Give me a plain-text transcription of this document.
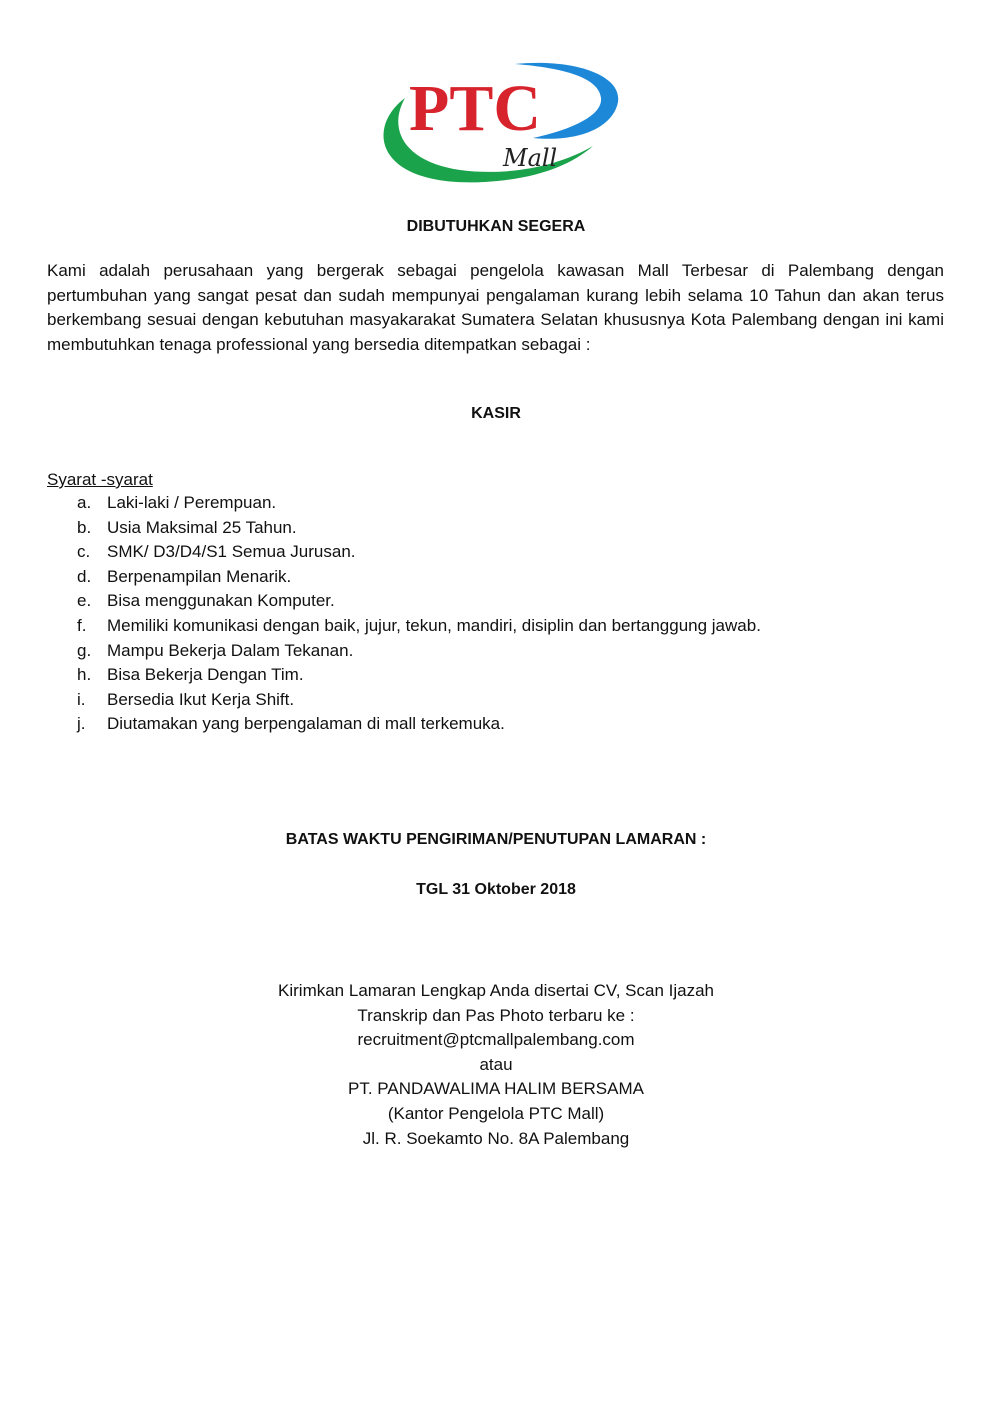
PTC
Mall
DIBUTUHKAN SEGERA
Kami adalah perusahaan yang bergerak sebagai pengelola kawasan Mall Terbesar di Palembang dengan pertumbuhan yang sangat pesat dan sudah mempunyai pengalaman kurang lebih selama 10 Tahun dan akan terus berkembang sesuai dengan kebutuhan masyakarakat Sumatera Selatan khususnya Kota Palembang dengan ini kami membutuhkan tenaga professional yang bersedia ditempatkan sebagai :
KASIR
Syarat -syarat
a. Laki-laki / Perempuan.
b. Usia Maksimal 25 Tahun.
c. SMK/ D3/D4/S1 Semua Jurusan.
d. Berpenampilan Menarik.
e. Bisa menggunakan Komputer.
f. Memiliki komunikasi dengan baik, jujur, tekun, mandiri, disiplin dan bertanggung jawab.
g. Mampu Bekerja Dalam Tekanan.
h. Bisa Bekerja Dengan Tim.
i. Bersedia Ikut Kerja Shift.
j. Diutamakan yang berpengalaman di mall terkemuka.
BATAS WAKTU PENGIRIMAN/PENUTUPAN LAMARAN :
TGL 31 Oktober 2018
Kirimkan Lamaran Lengkap Anda disertai CV, Scan Ijazah
Transkrip dan Pas Photo terbaru ke :
recruitment@ptcmallpalembang.com
atau
PT. PANDAWALIMA HALIM BERSAMA
(Kantor Pengelola PTC Mall)
Jl. R. Soekamto No. 8A Palembang
